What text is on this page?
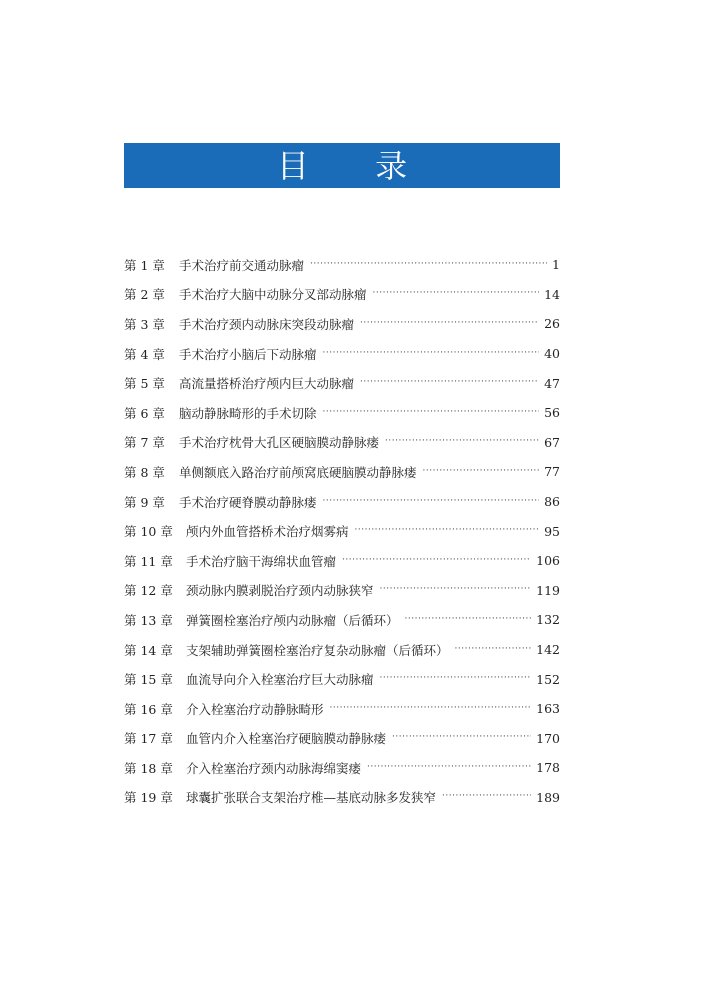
目 录
第 1 章	手术治疗前交通动脉瘤 ·····	1
第 2 章	手术治疗大脑中动脉分叉部动脉瘤 ·····	14
第 3 章	手术治疗颈内动脉床突段动脉瘤 ·····	26
第 4 章	手术治疗小脑后下动脉瘤 ·····	40
第 5 章	高流量搭桥治疗颅内巨大动脉瘤 ·····	47
第 6 章	脑动静脉畸形的手术切除 ·····	56
第 7 章	手术治疗枕骨大孔区硬脑膜动静脉瘘 ·····	67
第 8 章	单侧额底入路治疗前颅窝底硬脑膜动静脉瘘 ·····	77
第 9 章	手术治疗硬脊膜动静脉瘘 ·····	86
第 10 章	颅内外血管搭桥术治疗烟雾病 ·····	95
第 11 章	手术治疗脑干海绵状血管瘤 ·····	106
第 12 章	颈动脉内膜剥脱治疗颈内动脉狭窄 ·····	119
第 13 章	弹簧圈栓塞治疗颅内动脉瘤（后循环） ·····	132
第 14 章	支架辅助弹簧圈栓塞治疗复杂动脉瘤（后循环） ·····	142
第 15 章	血流导向介入栓塞治疗巨大动脉瘤 ·····	152
第 16 章	介入栓塞治疗动静脉畸形 ·····	163
第 17 章	血管内介入栓塞治疗硬脑膜动静脉瘘 ·····	170
第 18 章	介入栓塞治疗颈内动脉海绵窦瘘 ·····	178
第 19 章	球囊扩张联合支架治疗椎—基底动脉多发狭窄 ·····	189
